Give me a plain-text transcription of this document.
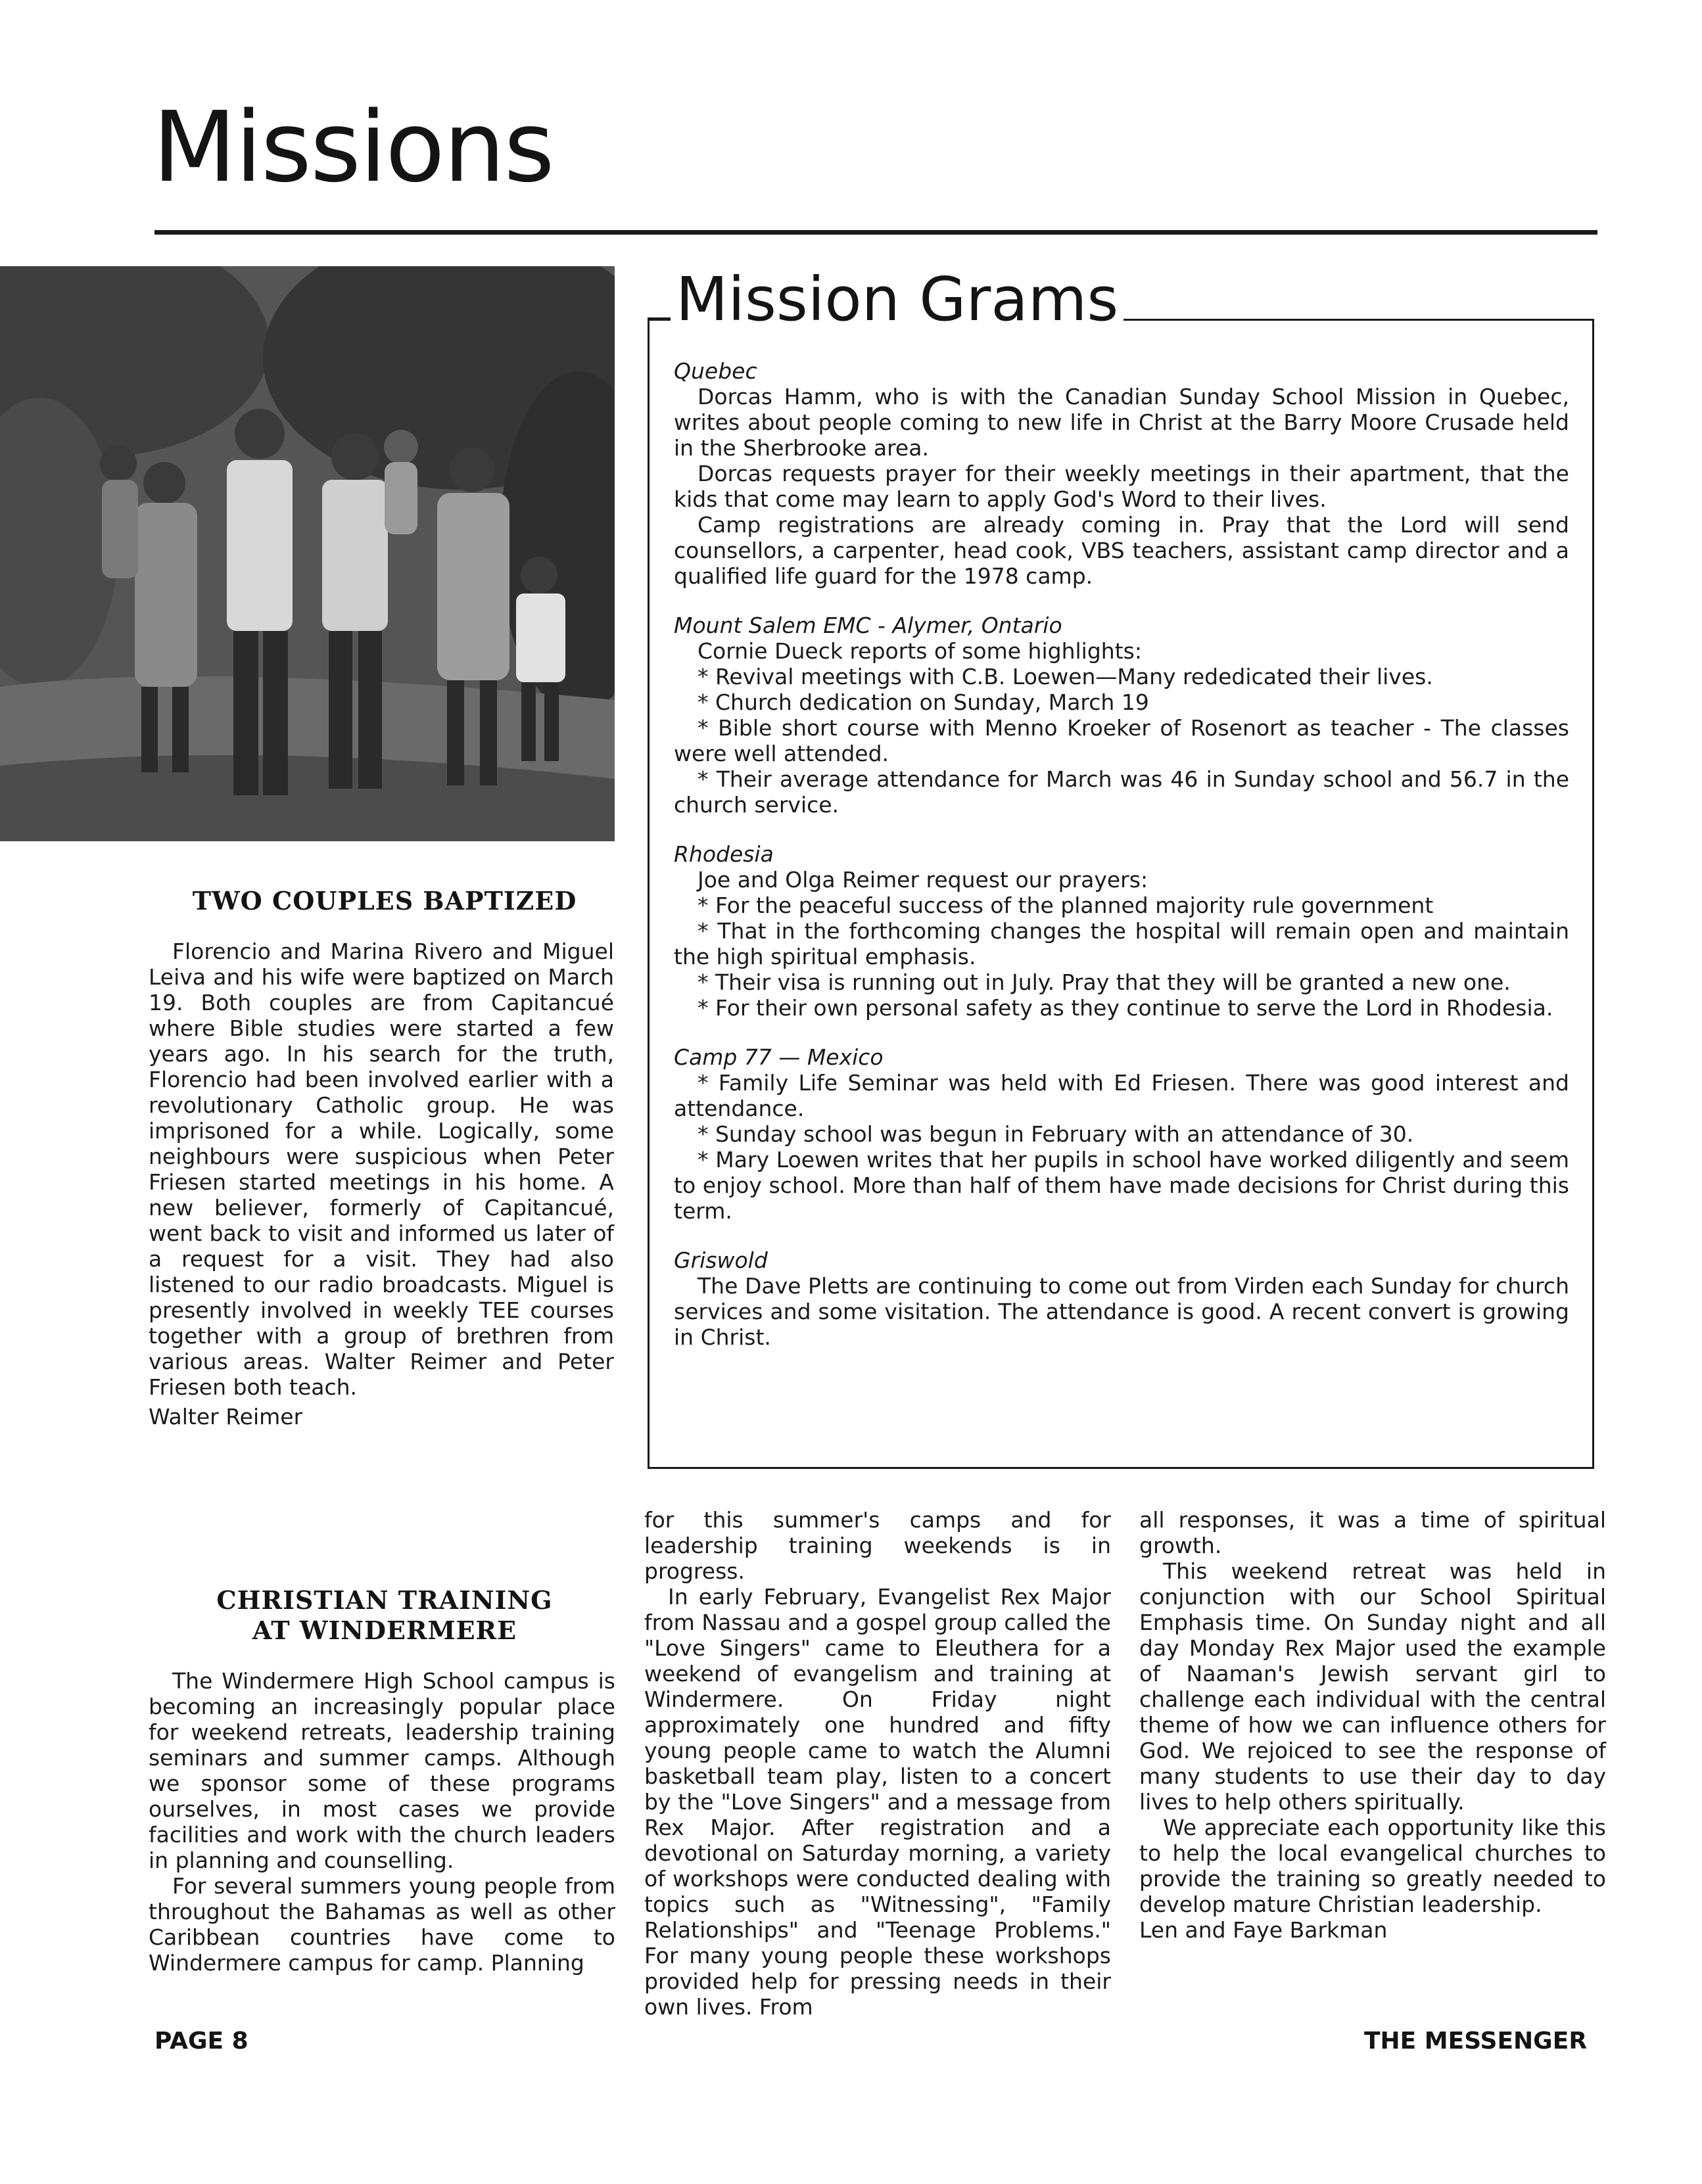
Missions
TWO COUPLES BAPTIZED

Florencio and Marina Rivero and Miguel Leiva and his wife were baptized on March 19. Both couples are from Capitancué where Bible studies were started a few years ago. In his search for the truth, Florencio had been involved earlier with a revolutionary Catholic group. He was imprisoned for a while. Logically, some neighbours were suspicious when Peter Friesen started meetings in his home. A new believer, formerly of Capitancué, went back to visit and informed us later of a request for a visit. They had also listened to our radio broadcasts. Miguel is presently involved in weekly TEE courses together with a group of brethren from various areas. Walter Reimer and Peter Friesen both teach.

Walter Reimer

Mission Grams

Quebec

Dorcas Hamm, who is with the Canadian Sunday School Mission in Quebec, writes about people coming to new life in Christ at the Barry Moore Crusade held in the Sherbrooke area.

Dorcas requests prayer for their weekly meetings in their apartment, that the kids that come may learn to apply God's Word to their lives.

Camp registrations are already coming in. Pray that the Lord will send counsellors, a carpenter, head cook, VBS teachers, assistant camp director and a qualified life guard for the 1978 camp.

Mount Salem EMC - Alymer, Ontario

Cornie Dueck reports of some highlights:

* Revival meetings with C.B. Loewen—Many rededicated their lives.

* Church dedication on Sunday, March 19

* Bible short course with Menno Kroeker of Rosenort as teacher - The classes were well attended.

* Their average attendance for March was 46 in Sunday school and 56.7 in the church service.

Rhodesia

Joe and Olga Reimer request our prayers:

* For the peaceful success of the planned majority rule government

* That in the forthcoming changes the hospital will remain open and maintain the high spiritual emphasis.

* Their visa is running out in July. Pray that they will be granted a new one.

* For their own personal safety as they continue to serve the Lord in Rhodesia.

Camp 77 — Mexico

* Family Life Seminar was held with Ed Friesen. There was good interest and attendance.

* Sunday school was begun in February with an attendance of 30.

* Mary Loewen writes that her pupils in school have worked diligently and seem to enjoy school. More than half of them have made decisions for Christ during this term.

Griswold

The Dave Pletts are continuing to come out from Virden each Sunday for church services and some visitation. The attendance is good. A recent convert is growing in Christ.

CHRISTIAN TRAINING
AT WINDERMERE

The Windermere High School campus is becoming an increasingly popular place for weekend retreats, leadership training seminars and summer camps. Although we sponsor some of these programs ourselves, in most cases we provide facilities and work with the church leaders in planning and counselling.

For several summers young people from throughout the Bahamas as well as other Caribbean countries have come to Windermere campus for camp. Planning

for this summer's camps and for leadership training weekends is in progress.

In early February, Evangelist Rex Major from Nassau and a gospel group called the "Love Singers" came to Eleuthera for a weekend of evangelism and training at Windermere. On Friday night approximately one hundred and fifty young people came to watch the Alumni basketball team play, listen to a concert by the "Love Singers" and a message from Rex Major. After registration and a devotional on Saturday morning, a variety of workshops were conducted dealing with topics such as "Witnessing", "Family Relationships" and "Teenage Problems." For many young people these workshops provided help for pressing needs in their own lives. From

all responses, it was a time of spiritual growth.

This weekend retreat was held in conjunction with our School Spiritual Emphasis time. On Sunday night and all day Monday Rex Major used the example of Naaman's Jewish servant girl to challenge each individual with the central theme of how we can influence others for God. We rejoiced to see the response of many students to use their day to day lives to help others spiritually.

We appreciate each opportunity like this to help the local evangelical churches to provide the training so greatly needed to develop mature Christian leadership.

Len and Faye Barkman

PAGE 8	THE MESSENGER
